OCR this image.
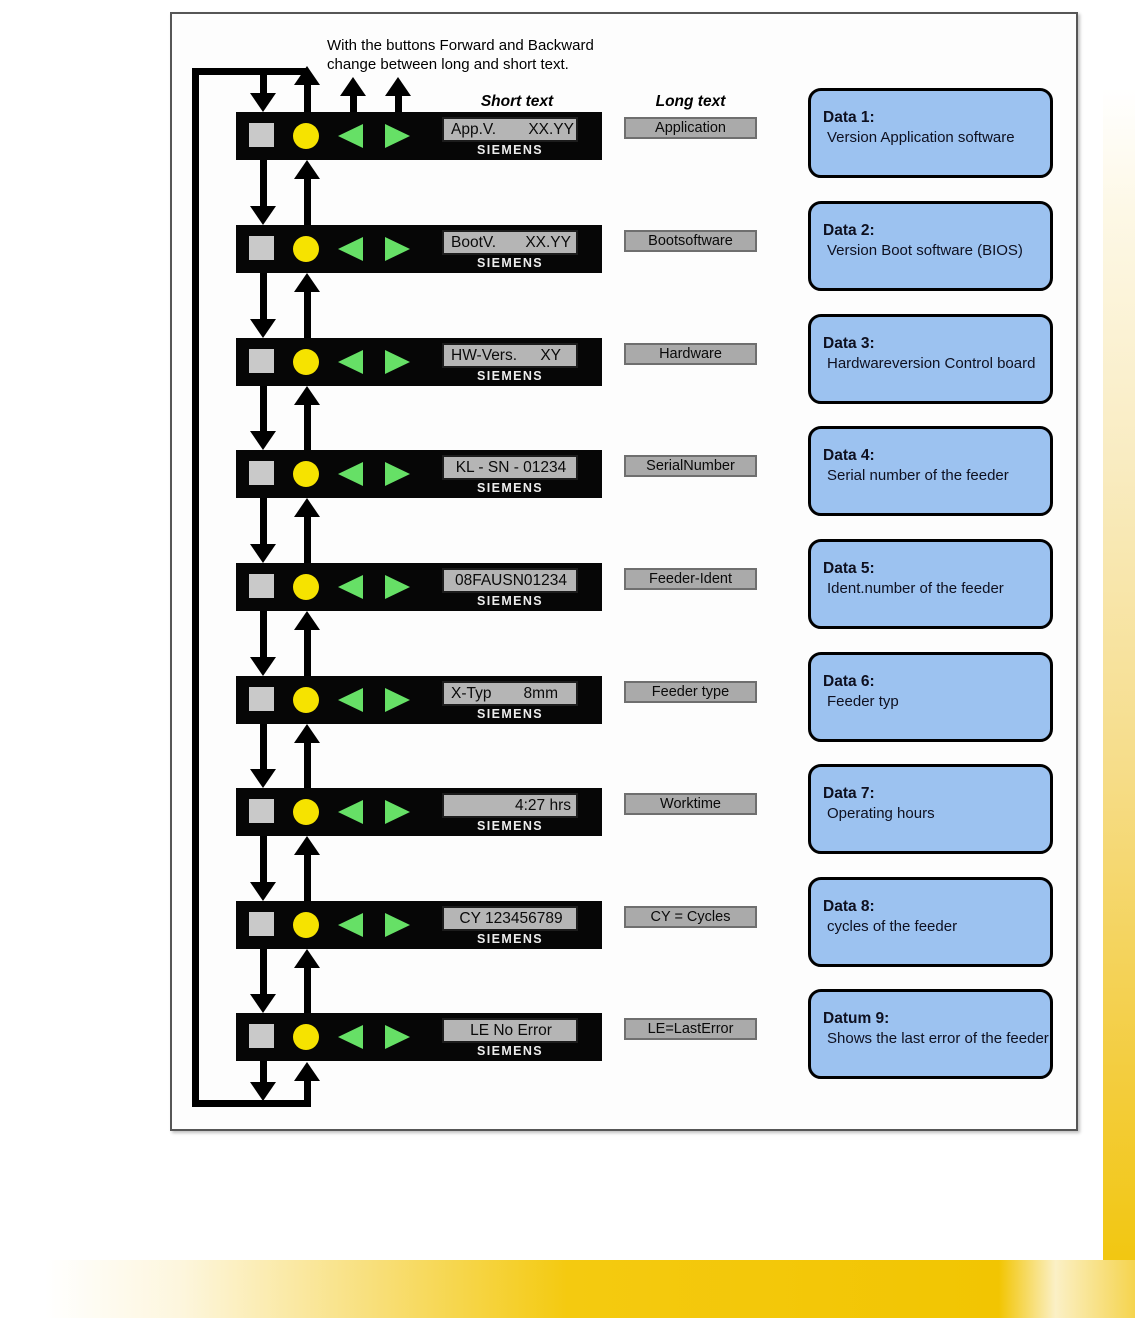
With the buttons Forward and Backward
change between long and short text.
Short text	Long text
App.V. XX.YY
SIEMENS
Application
Data 1:
Version Application software
BootV. XX.YY
SIEMENS
Bootsoftware
Data 2:
Version Boot software (BIOS)
HW-Vers. XY
SIEMENS
Hardware
Data 3:
Hardwareversion Control board
KL - SN - 01234
SIEMENS
SerialNumber
Data 4:
Serial number of the feeder
08FAUSN01234
SIEMENS
Feeder-Ident
Data 5:
Ident.number of the feeder
X-Typ 8mm
SIEMENS
Feeder type
Data 6:
Feeder typ
4:27 hrs
SIEMENS
Worktime
Data 7:
Operating hours
CY 123456789
SIEMENS
CY = Cycles
Data 8:
cycles of the feeder
LE No Error
SIEMENS
LE=LastError
Datum 9:
Shows the last error of the feeder
